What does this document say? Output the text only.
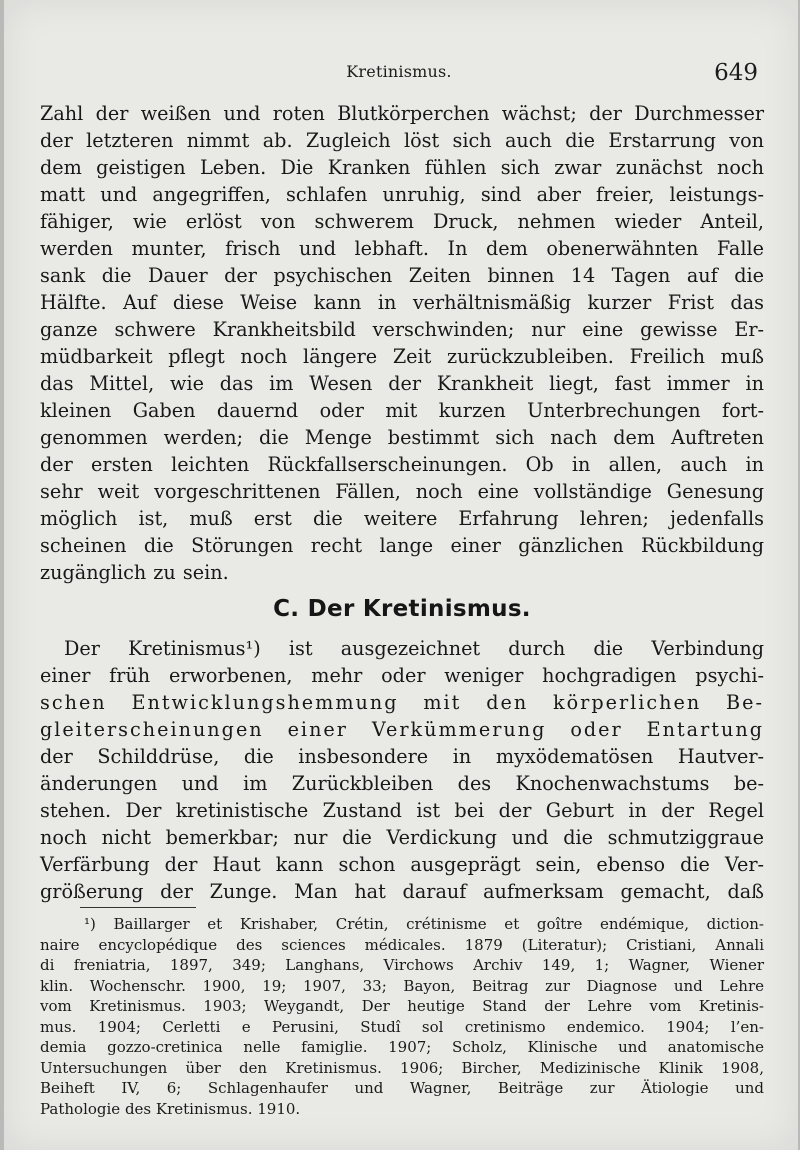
Kretinismus.	649
Zahl der weißen und roten Blutkörperchen wächst; der Durchmesser
der letzteren nimmt ab. Zugleich löst sich auch die Erstarrung von
dem geistigen Leben. Die Kranken fühlen sich zwar zunächst noch
matt und angegriffen, schlafen unruhig, sind aber freier, leistungs-
fähiger, wie erlöst von schwerem Druck, nehmen wieder Anteil,
werden munter, frisch und lebhaft. In dem obenerwähnten Falle
sank die Dauer der psychischen Zeiten binnen 14 Tagen auf die
Hälfte. Auf diese Weise kann in verhältnismäßig kurzer Frist das
ganze schwere Krankheitsbild verschwinden; nur eine gewisse Er-
müdbarkeit pflegt noch längere Zeit zurückzubleiben. Freilich muß
das Mittel, wie das im Wesen der Krankheit liegt, fast immer in
kleinen Gaben dauernd oder mit kurzen Unterbrechungen fort-
genommen werden; die Menge bestimmt sich nach dem Auftreten
der ersten leichten Rückfallserscheinungen. Ob in allen, auch in
sehr weit vorgeschrittenen Fällen, noch eine vollständige Genesung
möglich ist, muß erst die weitere Erfahrung lehren; jedenfalls
scheinen die Störungen recht lange einer gänzlichen Rückbildung
zugänglich zu sein.
C. Der Kretinismus.
Der Kretinismus¹) ist ausgezeichnet durch die Verbindung
einer früh erworbenen, mehr oder weniger hochgradigen psychi-
schen Entwicklungshemmung mit den körperlichen Be-
gleiterscheinungen einer Verkümmerung oder Entartung
der Schilddrüse, die insbesondere in myxödematösen Hautver-
änderungen und im Zurückbleiben des Knochenwachstums be-
stehen. Der kretinistische Zustand ist bei der Geburt in der Regel
noch nicht bemerkbar; nur die Verdickung und die schmutziggraue
Verfärbung der Haut kann schon ausgeprägt sein, ebenso die Ver-
größerung der Zunge. Man hat darauf aufmerksam gemacht, daß
¹) Baillarger et Krishaber, Crétin, crétinisme et goître endémique, diction-
naire encyclopédique des sciences médicales. 1879 (Literatur); Cristiani, Annali
di freniatria, 1897, 349; Langhans, Virchows Archiv 149, 1; Wagner, Wiener
klin. Wochenschr. 1900, 19; 1907, 33; Bayon, Beitrag zur Diagnose und Lehre
vom Kretinismus. 1903; Weygandt, Der heutige Stand der Lehre vom Kretinis-
mus. 1904; Cerletti e Perusini, Studî sol cretinismo endemico. 1904; l’en-
demia gozzo-cretinica nelle famiglie. 1907; Scholz, Klinische und anatomische
Untersuchungen über den Kretinismus. 1906; Bircher, Medizinische Klinik 1908,
Beiheft IV, 6; Schlagenhaufer und Wagner, Beiträge zur Ätiologie und
Pathologie des Kretinismus. 1910.
